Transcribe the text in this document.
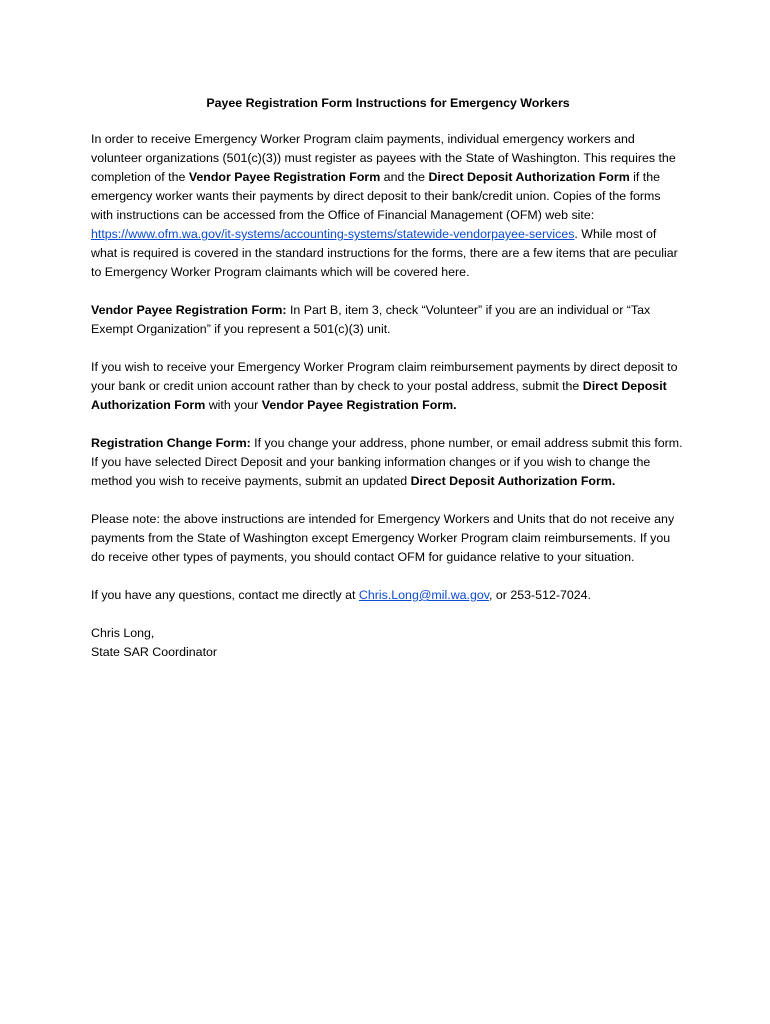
Payee Registration Form Instructions for Emergency Workers

In order to receive Emergency Worker Program claim payments, individual emergency workers and volunteer organizations (501(c)(3)) must register as payees with the State of Washington. This requires the completion of the Vendor Payee Registration Form and the Direct Deposit Authorization Form if the emergency worker wants their payments by direct deposit to their bank/credit union. Copies of the forms with instructions can be accessed from the Office of Financial Management (OFM) web site: https://www.ofm.wa.gov/it-systems/accounting-systems/statewide-vendorpayee-services. While most of what is required is covered in the standard instructions for the forms, there are a few items that are peculiar to Emergency Worker Program claimants which will be covered here.

Vendor Payee Registration Form: In Part B, item 3, check “Volunteer” if you are an individual or “Tax Exempt Organization” if you represent a 501(c)(3) unit.

If you wish to receive your Emergency Worker Program claim reimbursement payments by direct deposit to your bank or credit union account rather than by check to your postal address, submit the Direct Deposit Authorization Form with your Vendor Payee Registration Form.

Registration Change Form: If you change your address, phone number, or email address submit this form. If you have selected Direct Deposit and your banking information changes or if you wish to change the method you wish to receive payments, submit an updated Direct Deposit Authorization Form.

Please note: the above instructions are intended for Emergency Workers and Units that do not receive any payments from the State of Washington except Emergency Worker Program claim reimbursements. If you do receive other types of payments, you should contact OFM for guidance relative to your situation.

If you have any questions, contact me directly at Chris.Long@mil.wa.gov, or 253-512-7024.

Chris Long,
State SAR Coordinator
